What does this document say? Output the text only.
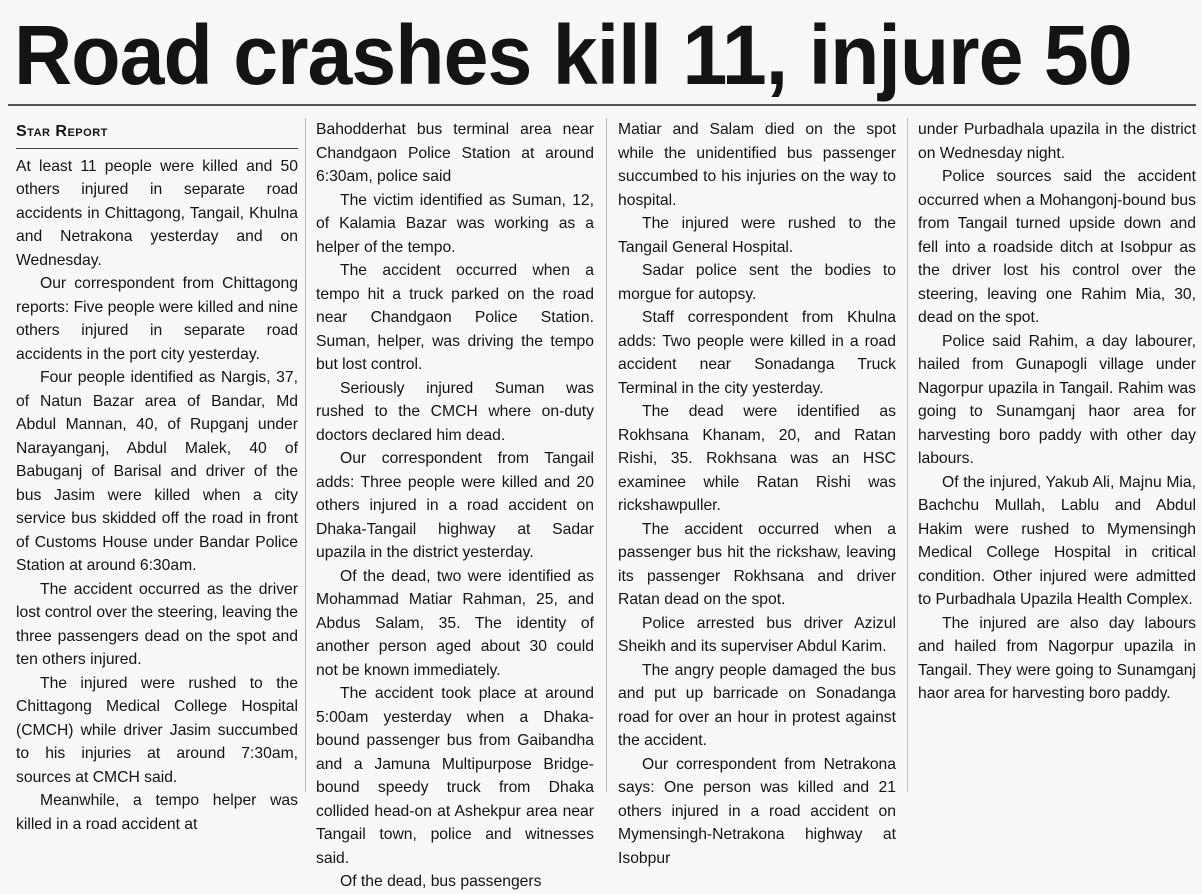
Road crashes kill 11, injure 50
Star Report

At least 11 people were killed and 50 others injured in separate road accidents in Chittagong, Tangail, Khulna and Netrakona yesterday and on Wednesday.

Our correspondent from Chittagong reports: Five people were killed and nine others injured in separate road accidents in the port city yesterday.

Four people identified as Nargis, 37, of Natun Bazar area of Bandar, Md Abdul Mannan, 40, of Rupganj under Narayanganj, Abdul Malek, 40 of Babuganj of Barisal and driver of the bus Jasim were killed when a city service bus skidded off the road in front of Customs House under Bandar Police Station at around 6:30am.

The accident occurred as the driver lost control over the steering, leaving the three passengers dead on the spot and ten others injured.

The injured were rushed to the Chittagong Medical College Hospital (CMCH) while driver Jasim succumbed to his injuries at around 7:30am, sources at CMCH said.

Meanwhile, a tempo helper was killed in a road accident at

Bahodderhat bus terminal area near Chandgaon Police Station at around 6:30am, police said

The victim identified as Suman, 12, of Kalamia Bazar was working as a helper of the tempo.

The accident occurred when a tempo hit a truck parked on the road near Chandgaon Police Station. Suman, helper, was driving the tempo but lost control.

Seriously injured Suman was rushed to the CMCH where on-duty doctors declared him dead.

Our correspondent from Tangail adds: Three people were killed and 20 others injured in a road accident on Dhaka-Tangail highway at Sadar upazila in the district yesterday.

Of the dead, two were identified as Mohammad Matiar Rahman, 25, and Abdus Salam, 35. The identity of another person aged about 30 could not be known immediately.

The accident took place at around 5:00am yesterday when a Dhaka-bound passenger bus from Gaibandha and a Jamuna Multipurpose Bridge-bound speedy truck from Dhaka collided head-on at Ashekpur area near Tangail town, police and witnesses said.

Of the dead, bus passengers

Matiar and Salam died on the spot while the unidentified bus passenger succumbed to his injuries on the way to hospital.

The injured were rushed to the Tangail General Hospital.

Sadar police sent the bodies to morgue for autopsy.

Staff correspondent from Khulna adds: Two people were killed in a road accident near Sonadanga Truck Terminal in the city yesterday.

The dead were identified as Rokhsana Khanam, 20, and Ratan Rishi, 35. Rokhsana was an HSC examinee while Ratan Rishi was rickshawpuller.

The accident occurred when a passenger bus hit the rickshaw, leaving its passenger Rokhsana and driver Ratan dead on the spot.

Police arrested bus driver Azizul Sheikh and its superviser Abdul Karim.

The angry people damaged the bus and put up barricade on Sonadanga road for over an hour in protest against the accident.

Our correspondent from Netrakona says: One person was killed and 21 others injured in a road accident on Mymensingh-Netrakona highway at Isobpur

under Purbadhala upazila in the district on Wednesday night.

Police sources said the accident occurred when a Mohangonj-bound bus from Tangail turned upside down and fell into a roadside ditch at Isobpur as the driver lost his control over the steering, leaving one Rahim Mia, 30, dead on the spot.

Police said Rahim, a day labourer, hailed from Gunapogli village under Nagorpur upazila in Tangail. Rahim was going to Sunamganj haor area for harvesting boro paddy with other day labours.

Of the injured, Yakub Ali, Majnu Mia, Bachchu Mullah, Lablu and Abdul Hakim were rushed to Mymensingh Medical College Hospital in critical condition. Other injured were admitted to Purbadhala Upazila Health Complex.

The injured are also day labours and hailed from Nagorpur upazila in Tangail. They were going to Sunamganj haor area for harvesting boro paddy.
